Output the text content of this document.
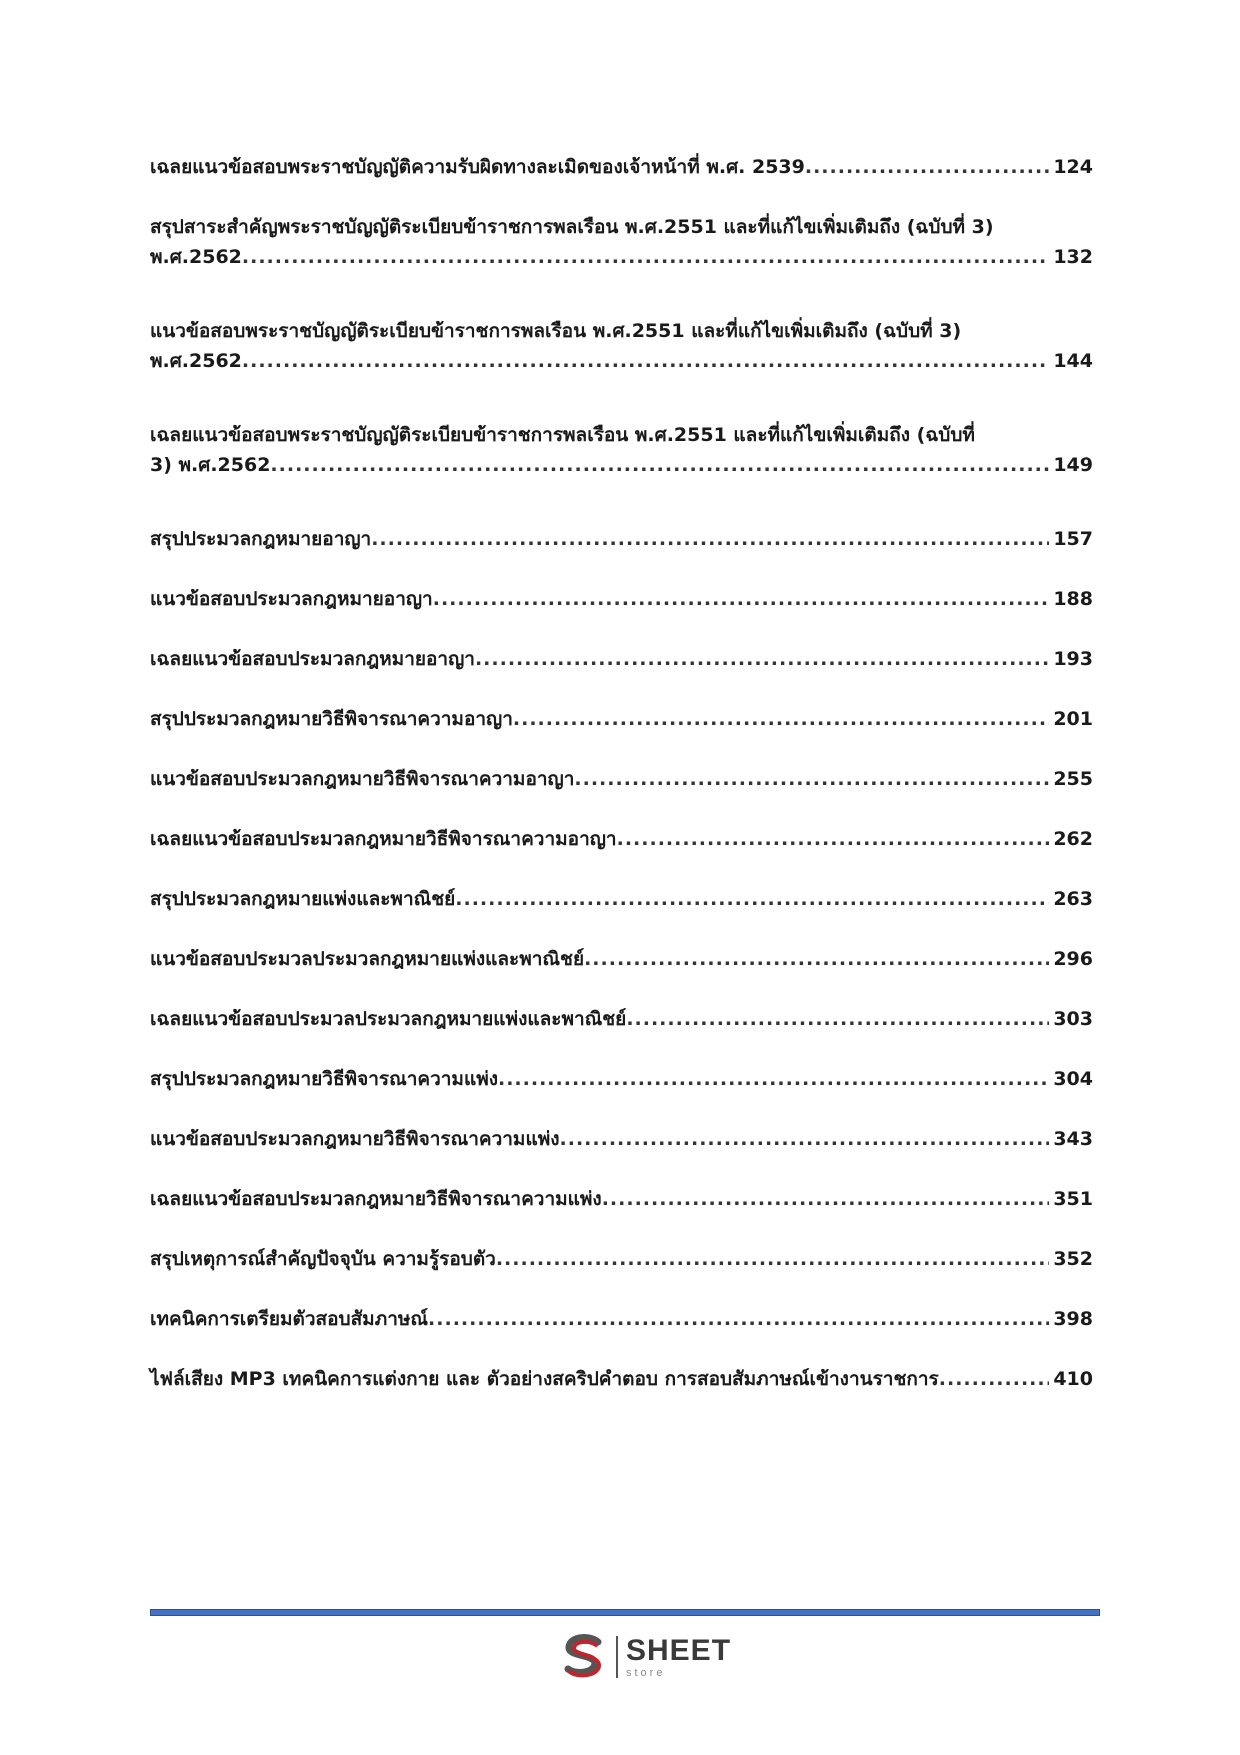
เฉลยแนวข้อสอบพระราชบัญญัติความรับผิดทางละเมิดของเจ้าหน้าที่ พ.ศ. 2539 .....	124
สรุปสาระสำคัญพระราชบัญญัติระเบียบข้าราชการพลเรือน พ.ศ.2551 และที่แก้ไขเพิ่มเติมถึง (ฉบับที่ 3)
พ.ศ.2562 .....	132
แนวข้อสอบพระราชบัญญัติระเบียบข้าราชการพลเรือน พ.ศ.2551 และที่แก้ไขเพิ่มเติมถึง (ฉบับที่ 3)
พ.ศ.2562 .....	144
เฉลยแนวข้อสอบพระราชบัญญัติระเบียบข้าราชการพลเรือน พ.ศ.2551 และที่แก้ไขเพิ่มเติมถึง (ฉบับที่
3) พ.ศ.2562 .....	149
สรุปประมวลกฎหมายอาญา .....	157
แนวข้อสอบประมวลกฎหมายอาญา .....	188
เฉลยแนวข้อสอบประมวลกฎหมายอาญา .....	193
สรุปประมวลกฎหมายวิธีพิจารณาความอาญา .....	201
แนวข้อสอบประมวลกฎหมายวิธีพิจารณาความอาญา .....	255
เฉลยแนวข้อสอบประมวลกฎหมายวิธีพิจารณาความอาญา .....	262
สรุปประมวลกฎหมายแพ่งและพาณิชย์ .....	263
แนวข้อสอบประมวลประมวลกฎหมายแพ่งและพาณิชย์ .....	296
เฉลยแนวข้อสอบประมวลประมวลกฎหมายแพ่งและพาณิชย์ .....	303
สรุปประมวลกฎหมายวิธีพิจารณาความแพ่ง .....	304
แนวข้อสอบประมวลกฎหมายวิธีพิจารณาความแพ่ง .....	343
เฉลยแนวข้อสอบประมวลกฎหมายวิธีพิจารณาความแพ่ง .....	351
สรุปเหตุการณ์สำคัญปัจจุบัน ความรู้รอบตัว .....	352
เทคนิคการเตรียมตัวสอบสัมภาษณ์ .....	398
ไฟล์เสียง MP3 เทคนิคการแต่งกาย และ ตัวอย่างสคริปคำตอบ การสอบสัมภาษณ์เข้างานราชการ .....	410
SHEET
store
